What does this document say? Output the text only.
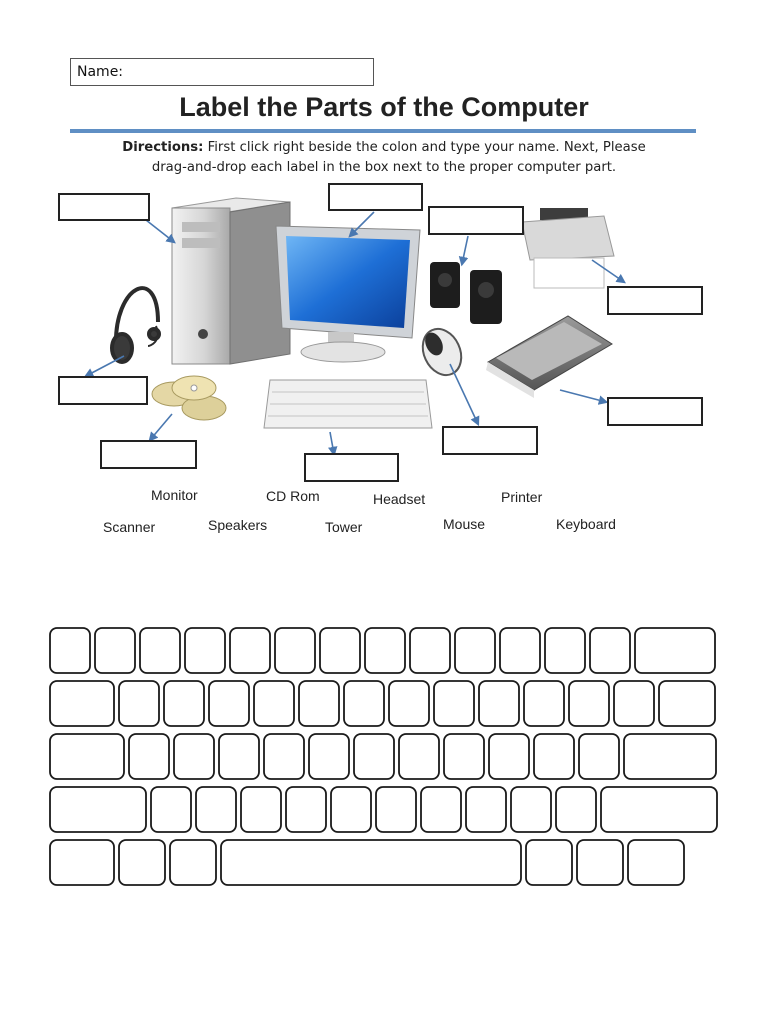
Name:
Label the Parts of the Computer
Directions: First click right beside the colon and type your name. Next, Please
drag-and-drop each label in the box next to the proper computer part.
Monitor	CD Rom	Headset	Printer
Scanner	Speakers	Tower	Mouse	Keyboard
